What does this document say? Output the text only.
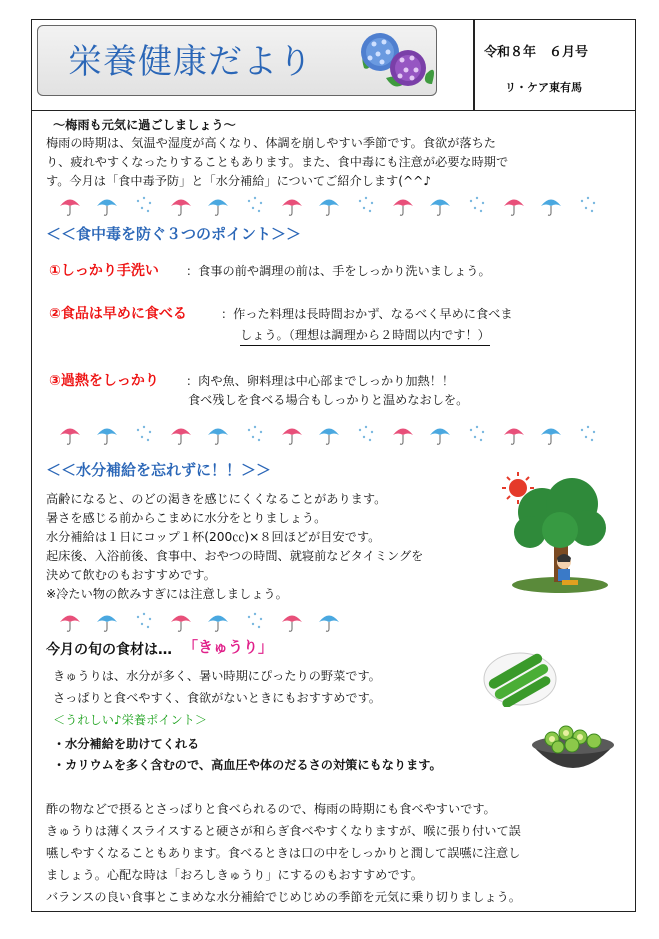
栄養健康だより	令和８年　６月号
リ・ケア東有馬
～梅雨も元気に過ごしましょう～
梅雨の時期は、気温や湿度が高くなり、体調を崩しやすい季節です。食欲が落ちた
り、疲れやすくなったりすることもあります。また、食中毒にも注意が必要な時期で
す。今月は「食中毒予防」と「水分補給」についてご紹介します(^^♪
＜＜食中毒を防ぐ３つのポイント＞＞
①しっかり手洗い ：食事の前や調理の前は、手をしっかり洗いましょう。
②食品は早めに食べる	：作った料理は長時間おかず、なるべく早めに食べま
しょう。（理想は調理から２時間以内です！）
③過熱をしっかり ：肉や魚、卵料理は中心部までしっかり加熱！！
食べ残しを食べる場合もしっかりと温めなおしを。
＜＜水分補給を忘れずに！！＞＞
高齢になると、のどの渇きを感じにくくなることがあります。
暑さを感じる前からこまめに水分をとりましょう。
水分補給は１日にコップ１杯(200㏄)×８回ほどが目安です。
起床後、入浴前後、食事中、おやつの時間、就寝前などタイミングを
決めて飲むのもおすすめです。
※冷たい物の飲みすぎには注意しましょう。
今月の旬の食材は… 「きゅうり」
きゅうりは、水分が多く、暑い時期にぴったりの野菜です。
さっぱりと食べやすく、食欲がないときにもおすすめです。
＜うれしい♪栄養ポイント＞
・水分補給を助けてくれる
・カリウムを多く含むので、高血圧や体のだるさの対策にもなります。
酢の物などで摂るとさっぱりと食べられるので、梅雨の時期にも食べやすいです。
きゅうりは薄くスライスすると硬さが和らぎ食べやすくなりますが、喉に張り付いて誤
嚥しやすくなることもあります。食べるときは口の中をしっかりと潤して誤嚥に注意し
ましょう。心配な時は「おろしきゅうり」にするのもおすすめです。
バランスの良い食事とこまめな水分補給でじめじめの季節を元気に乗り切りましょう。
